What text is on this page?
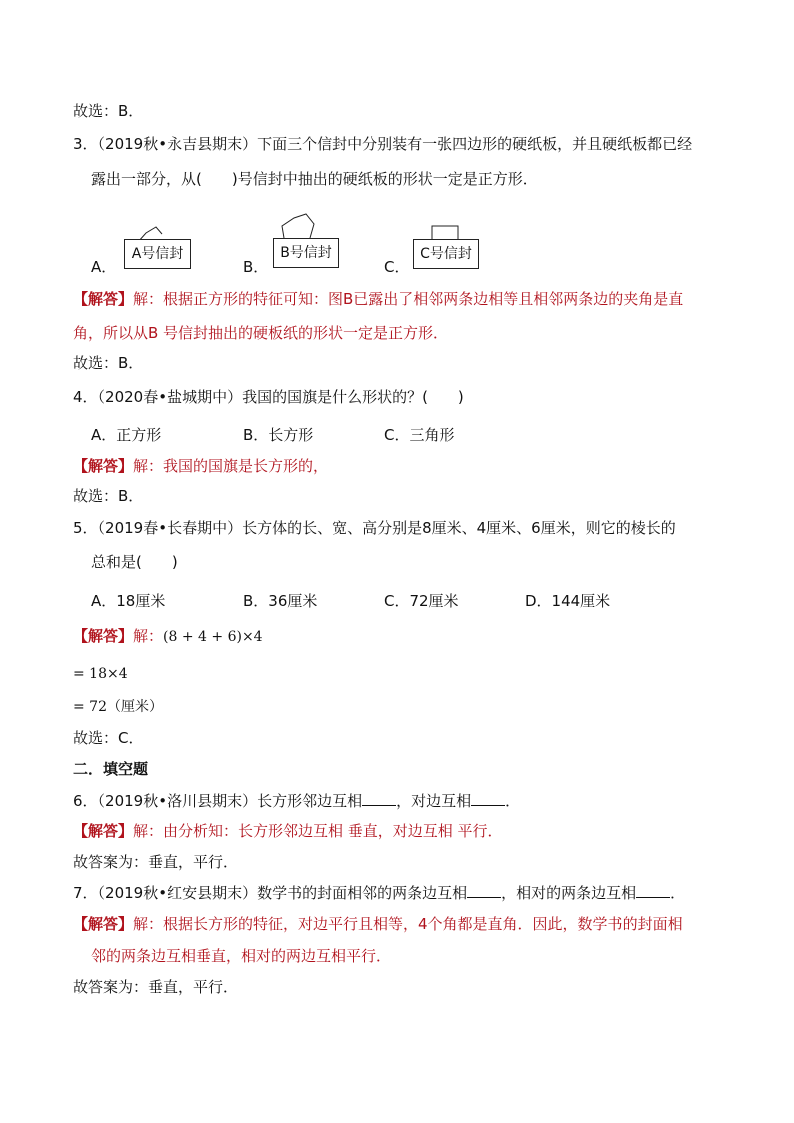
故选：B．
3．（2019秋•永吉县期末）下面三个信封中分别装有一张四边形的硬纸板，并且硬纸板都已经
露出一部分，从(　　)号信封中抽出的硬纸板的形状一定是正方形．
A．
A号信封
B．
B号信封
C．
C号信封
【解答】解：根据正方形的特征可知：图B已露出了相邻两条边相等且相邻两条边的夹角是直
角，所以从B 号信封抽出的硬板纸的形状一定是正方形．
故选：B．
4．（2020春•盐城期中）我国的国旗是什么形状的？(　　)
A．正方形	B．长方形	C．三角形
【解答】解：我国的国旗是长方形的，
故选：B．
5．（2019春•长春期中）长方体的长、宽、高分别是8厘米、4厘米、6厘米，则它的棱长的
总和是(　　)
A．18厘米	B．36厘米	C．72厘米	D．144厘米
【解答】解：(8 + 4 + 6)×4
= 18×4
= 72（厘米）
故选：C．
二．填空题
6．（2019秋•洛川县期末）长方形邻边互相 ，对边互相 ．
【解答】解：由分析知：长方形邻边互相 垂直，对边互相 平行．
故答案为：垂直，平行．
7．（2019秋•红安县期末）数学书的封面相邻的两条边互相 ，相对的两条边互相 ．
【解答】解：根据长方形的特征，对边平行且相等，4个角都是直角．因此，数学书的封面相
邻的两条边互相垂直，相对的两边互相平行．
故答案为：垂直，平行．
